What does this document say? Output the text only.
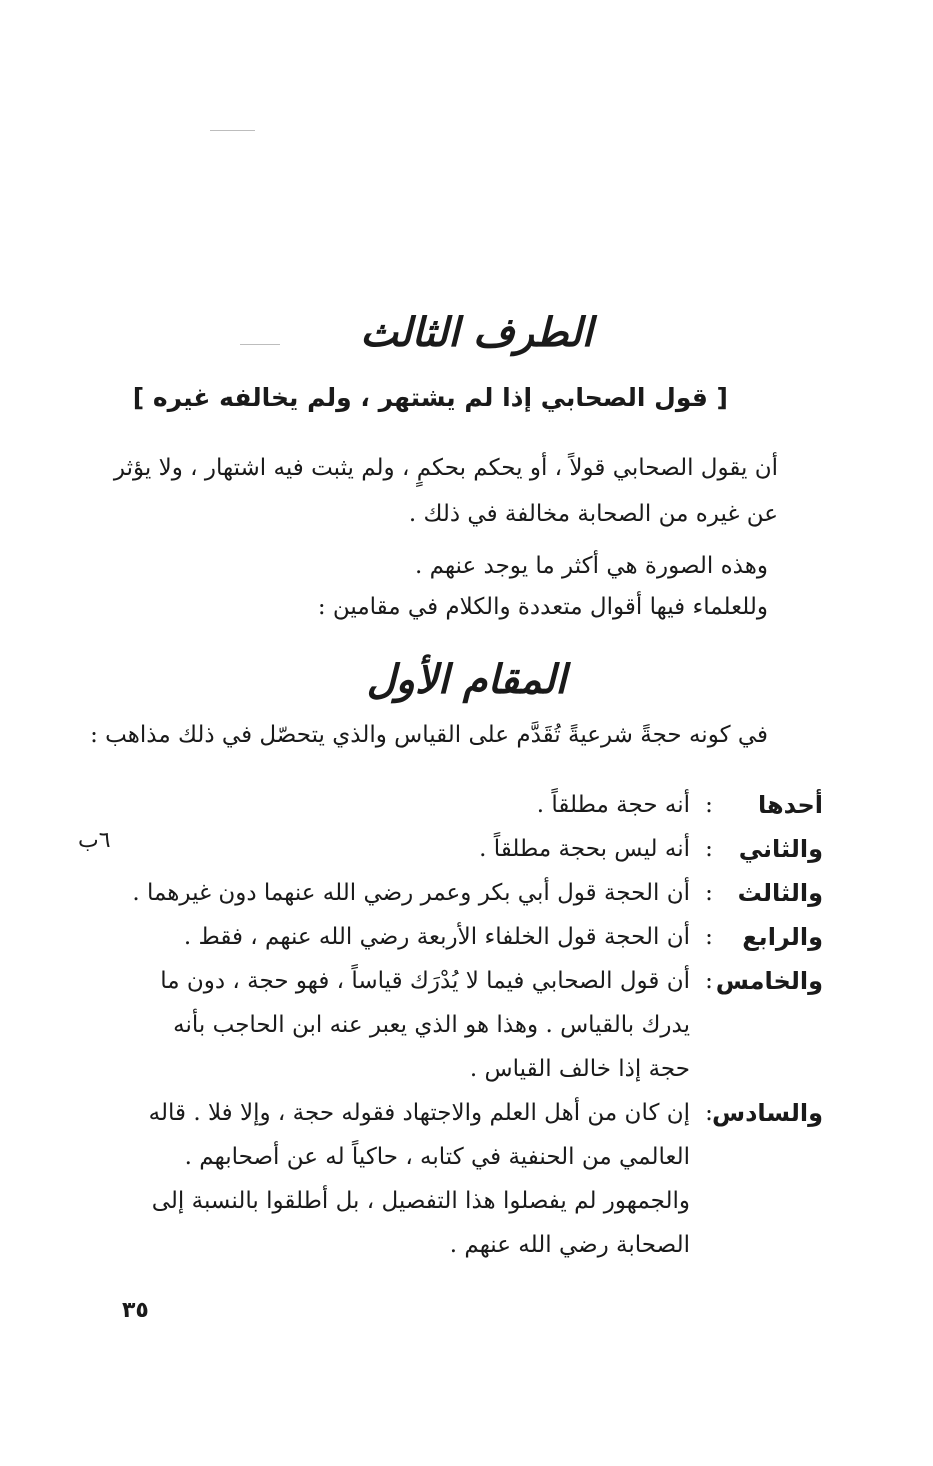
الطرف الثالث
[ قول الصحابي إذا لم يشتهر ، ولم يخالفه غيره ]
أن يقول الصحابي قولاً ، أو يحكم بحكمٍ ، ولم يثبت فيه اشتهار ، ولا يؤثر
عن غيره من الصحابة مخالفة في ذلك .
وهذه الصورة هي أكثر ما يوجد عنهم .
وللعلماء فيها أقوال متعددة والكلام في مقامين :
المقام الأول
في كونه حجةً شرعيةً تُقَدَّم على القياس والذي يتحصّل في ذلك مذاهب :
أحدها
:
أنه حجة مطلقاً .
والثاني
:
أنه ليس بحجة مطلقاً .
والثالث
:
أن الحجة قول أبي بكر وعمر رضي الله عنهما دون غيرهما .
والرابع
:
أن الحجة قول الخلفاء الأربعة رضي الله عنهم ، فقط .
والخامس
:
أن قول الصحابي فيما لا يُدْرَك قياساً ، فهو حجة ، دون ما
يدرك بالقياس . وهذا هو الذي يعبر عنه ابن الحاجب بأنه
حجة إذا خالف القياس .
والسادس
:
إن كان من أهل العلم والاجتهاد فقوله حجة ، وإلا فلا . قاله
العالمي من الحنفية في كتابه ، حاكياً له عن أصحابهم .
والجمهور لم يفصلوا هذا التفصيل ، بل أطلقوا بالنسبة إلى
الصحابة رضي الله عنهم .
٦ب
٣٥
